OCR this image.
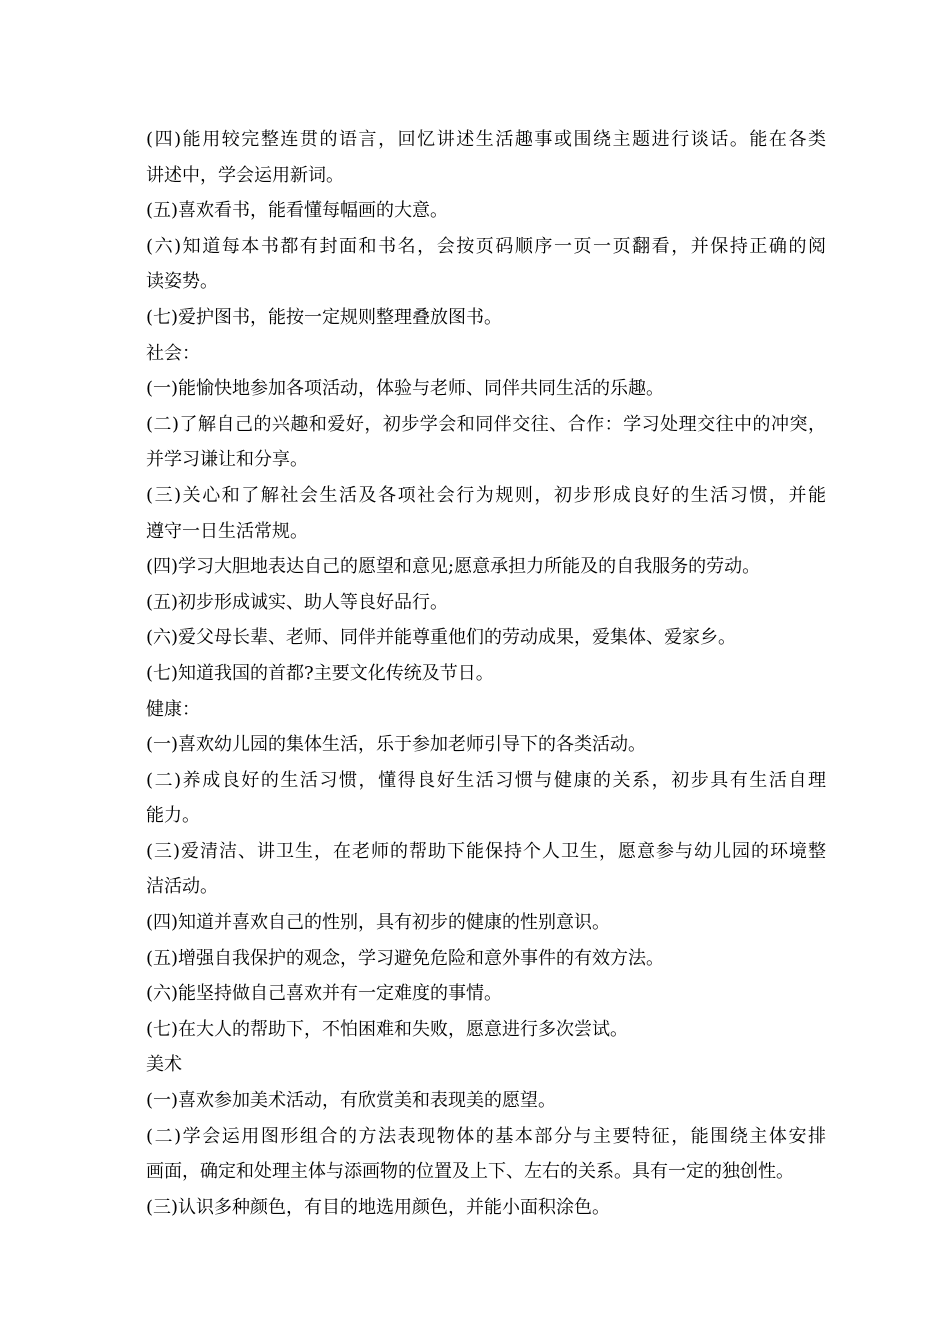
(四)能用较完整连贯的语言，回忆讲述生活趣事或围绕主题进行谈话。能在各类
讲述中，学会运用新词。
(五)喜欢看书，能看懂每幅画的大意。
(六)知道每本书都有封面和书名，会按页码顺序一页一页翻看，并保持正确的阅
读姿势。
(七)爱护图书，能按一定规则整理叠放图书。
社会：
(一)能愉快地参加各项活动，体验与老师、同伴共同生活的乐趣。
(二)了解自己的兴趣和爱好，初步学会和同伴交往、合作：学习处理交往中的冲突，
并学习谦让和分享。
(三)关心和了解社会生活及各项社会行为规则，初步形成良好的生活习惯，并能
遵守一日生活常规。
(四)学习大胆地表达自己的愿望和意见;愿意承担力所能及的自我服务的劳动。
(五)初步形成诚实、助人等良好品行。
(六)爱父母长辈、老师、同伴并能尊重他们的劳动成果，爱集体、爱家乡。
(七)知道我国的首都?主要文化传统及节日。
健康：
(一)喜欢幼儿园的集体生活，乐于参加老师引导下的各类活动。
(二)养成良好的生活习惯，懂得良好生活习惯与健康的关系，初步具有生活自理
能力。
(三)爱清洁、讲卫生，在老师的帮助下能保持个人卫生，愿意参与幼儿园的环境整
洁活动。
(四)知道并喜欢自己的性别，具有初步的健康的性别意识。
(五)增强自我保护的观念，学习避免危险和意外事件的有效方法。
(六)能坚持做自己喜欢并有一定难度的事情。
(七)在大人的帮助下，不怕困难和失败，愿意进行多次尝试。
美术
(一)喜欢参加美术活动，有欣赏美和表现美的愿望。
(二)学会运用图形组合的方法表现物体的基本部分与主要特征，能围绕主体安排
画面，确定和处理主体与添画物的位置及上下、左右的关系。具有一定的独创性。
(三)认识多种颜色，有目的地选用颜色，并能小面积涂色。
